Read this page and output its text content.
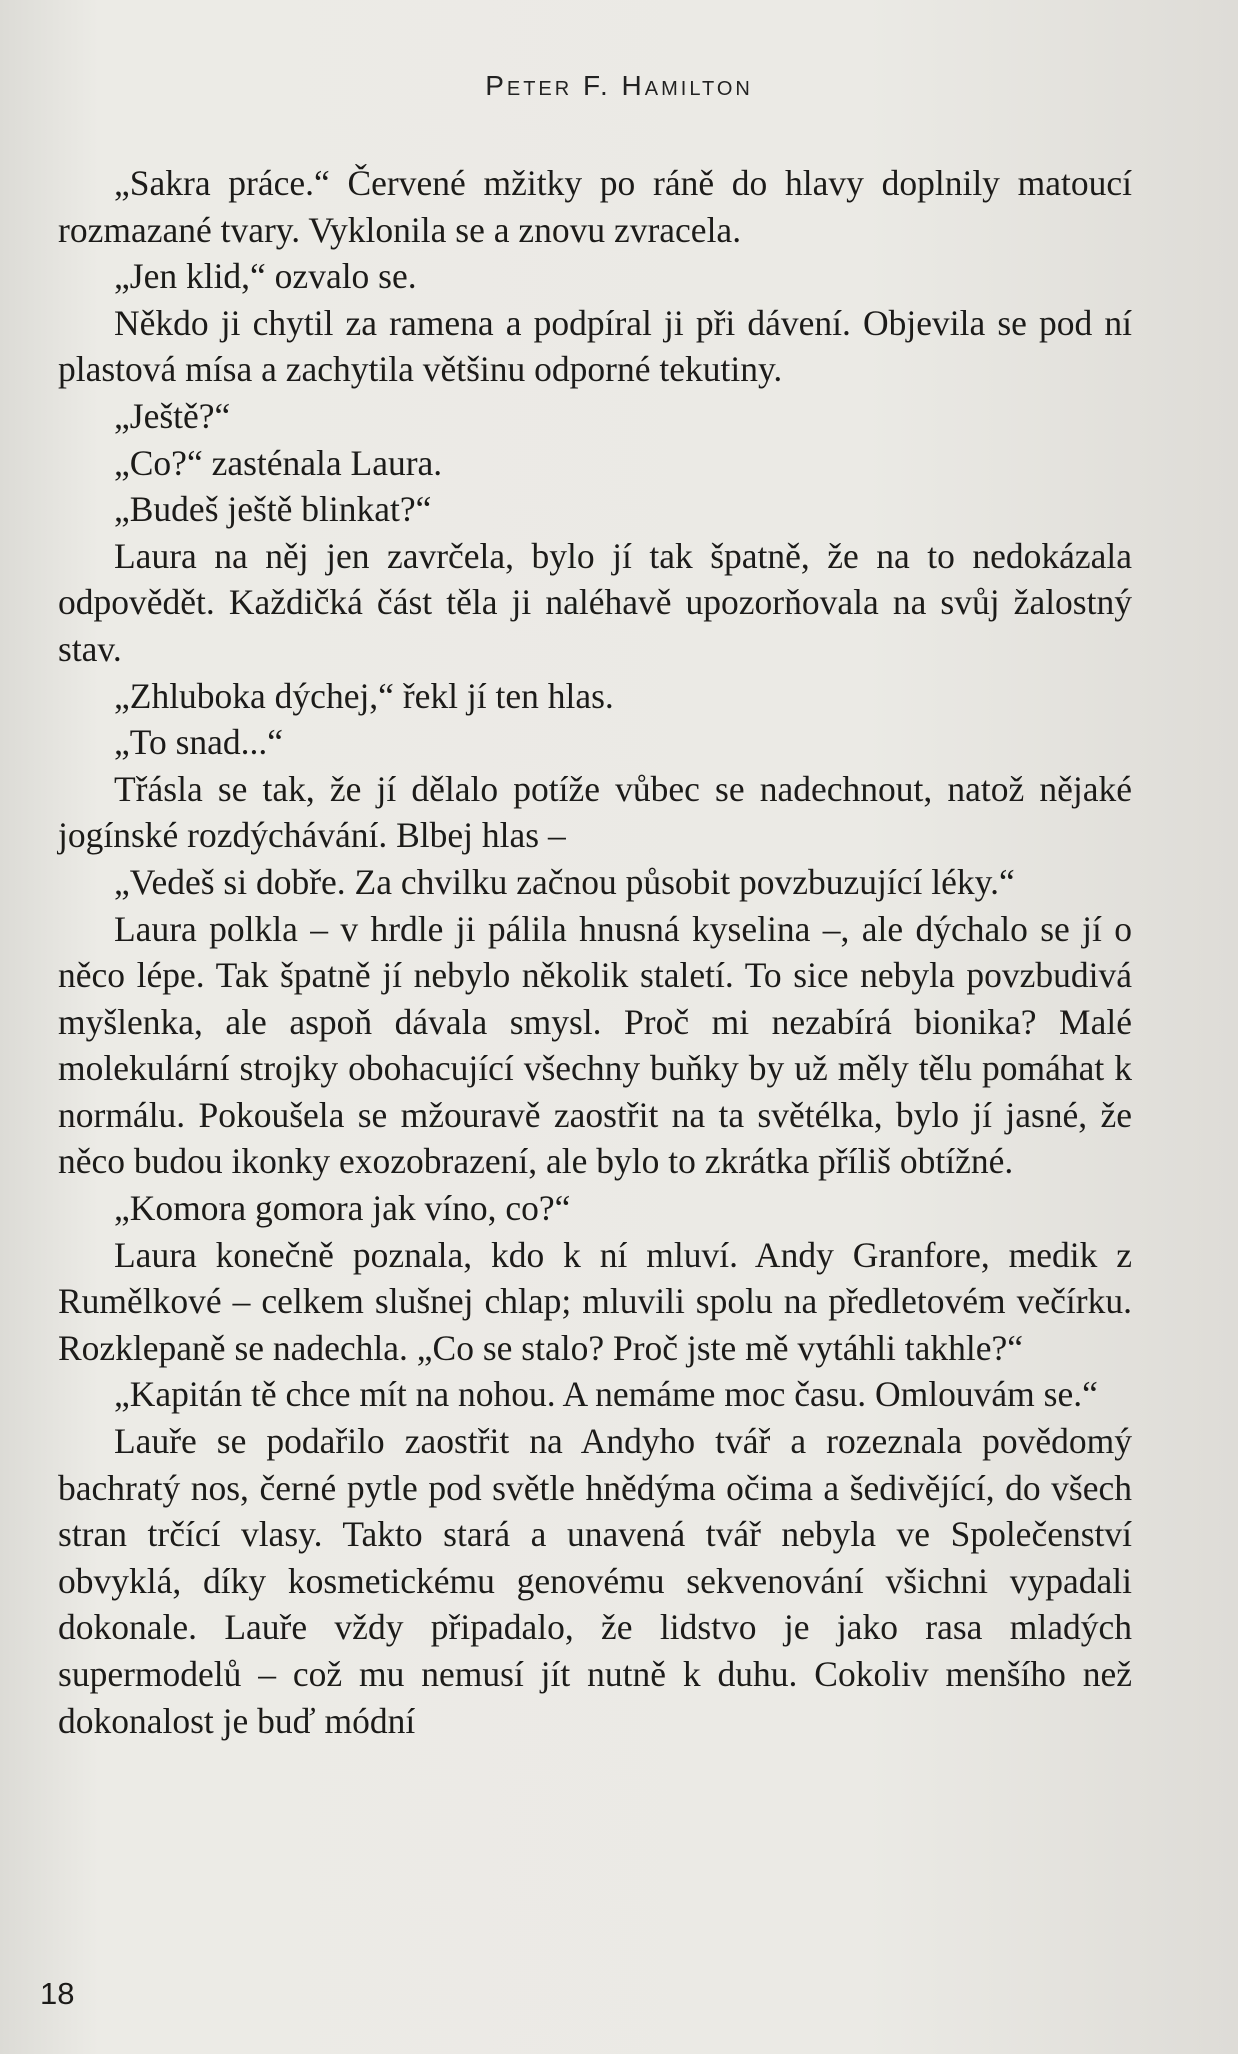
Peter F. Hamilton

„Sakra práce.“ Červené mžitky po ráně do hlavy doplnily matoucí rozmazané tvary. Vyklonila se a znovu zvracela.

„Jen klid,“ ozvalo se.

Někdo ji chytil za ramena a podpíral ji při dávení. Objevila se pod ní plastová mísa a zachytila většinu odporné tekutiny.

„Ještě?“

„Co?“ zasténala Laura.

„Budeš ještě blinkat?“

Laura na něj jen zavrčela, bylo jí tak špatně, že na to nedokázala odpovědět. Každičká část těla ji naléhavě upozorňovala na svůj žalostný stav.

„Zhluboka dýchej,“ řekl jí ten hlas.

„To snad...“

Třásla se tak, že jí dělalo potíže vůbec se nadechnout, natož nějaké jogínské rozdýchávání. Blbej hlas –

„Vedeš si dobře. Za chvilku začnou působit povzbuzující léky.“

Laura polkla – v hrdle ji pálila hnusná kyselina –, ale dýchalo se jí o něco lépe. Tak špatně jí nebylo několik staletí. To sice nebyla povzbudivá myšlenka, ale aspoň dávala smysl. Proč mi nezabírá bionika? Malé molekulární strojky obohacující všechny buňky by už měly tělu pomáhat k normálu. Pokoušela se mžouravě zaostřit na ta světélka, bylo jí jasné, že něco budou ikonky exozobrazení, ale bylo to zkrátka příliš obtížné.

„Komora gomora jak víno, co?“

Laura konečně poznala, kdo k ní mluví. Andy Granfore, medik z Rumělkové – celkem slušnej chlap; mluvili spolu na předletovém večírku. Rozklepaně se nadechla. „Co se stalo? Proč jste mě vytáhli takhle?“

„Kapitán tě chce mít na nohou. A nemáme moc času. Omlouvám se.“

Lauře se podařilo zaostřit na Andyho tvář a rozeznala povědomý bachratý nos, černé pytle pod světle hnědýma očima a šedivějící, do všech stran trčící vlasy. Takto stará a unavená tvář nebyla ve Společenství obvyklá, díky kosmetickému genovému sekvenování všichni vypadali dokonale. Lauře vždy připadalo, že lidstvo je jako rasa mladých supermodelů – což mu nemusí jít nutně k duhu. Cokoliv menšího než dokonalost je buď módní

18
